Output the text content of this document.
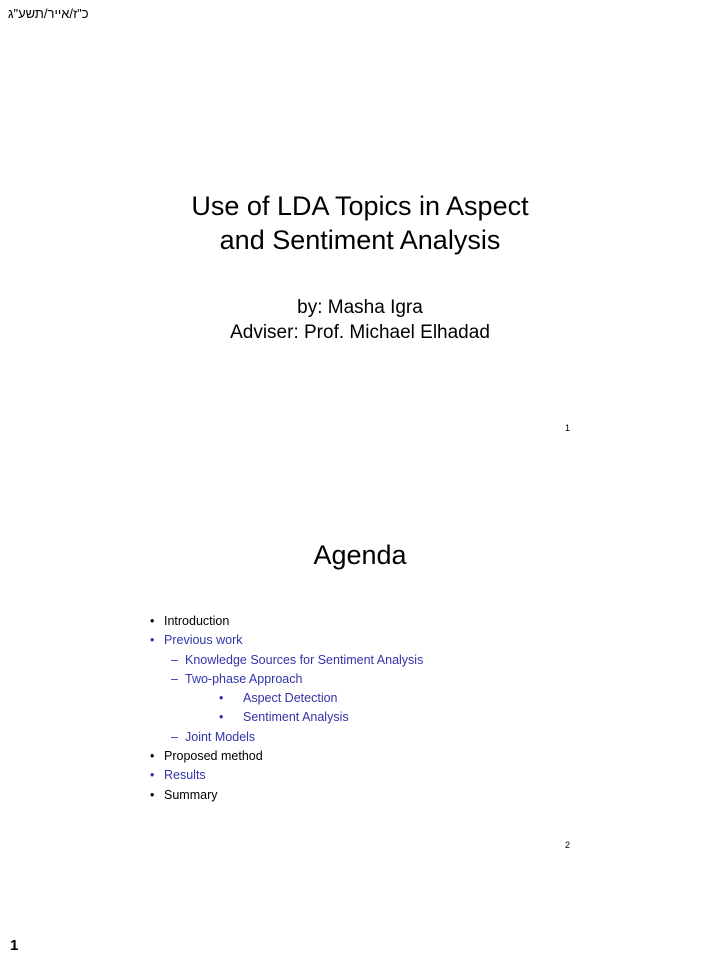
כ"ז/אייר/תשע"ג
Use of LDA Topics in Aspect
and Sentiment Analysis
by: Masha Igra
Adviser: Prof. Michael Elhadad
1
Agenda
• Introduction
• Previous work
– Knowledge Sources for Sentiment Analysis
– Two-phase Approach
• Aspect Detection
• Sentiment Analysis
– Joint Models
• Proposed method
• Results
• Summary
2
1
